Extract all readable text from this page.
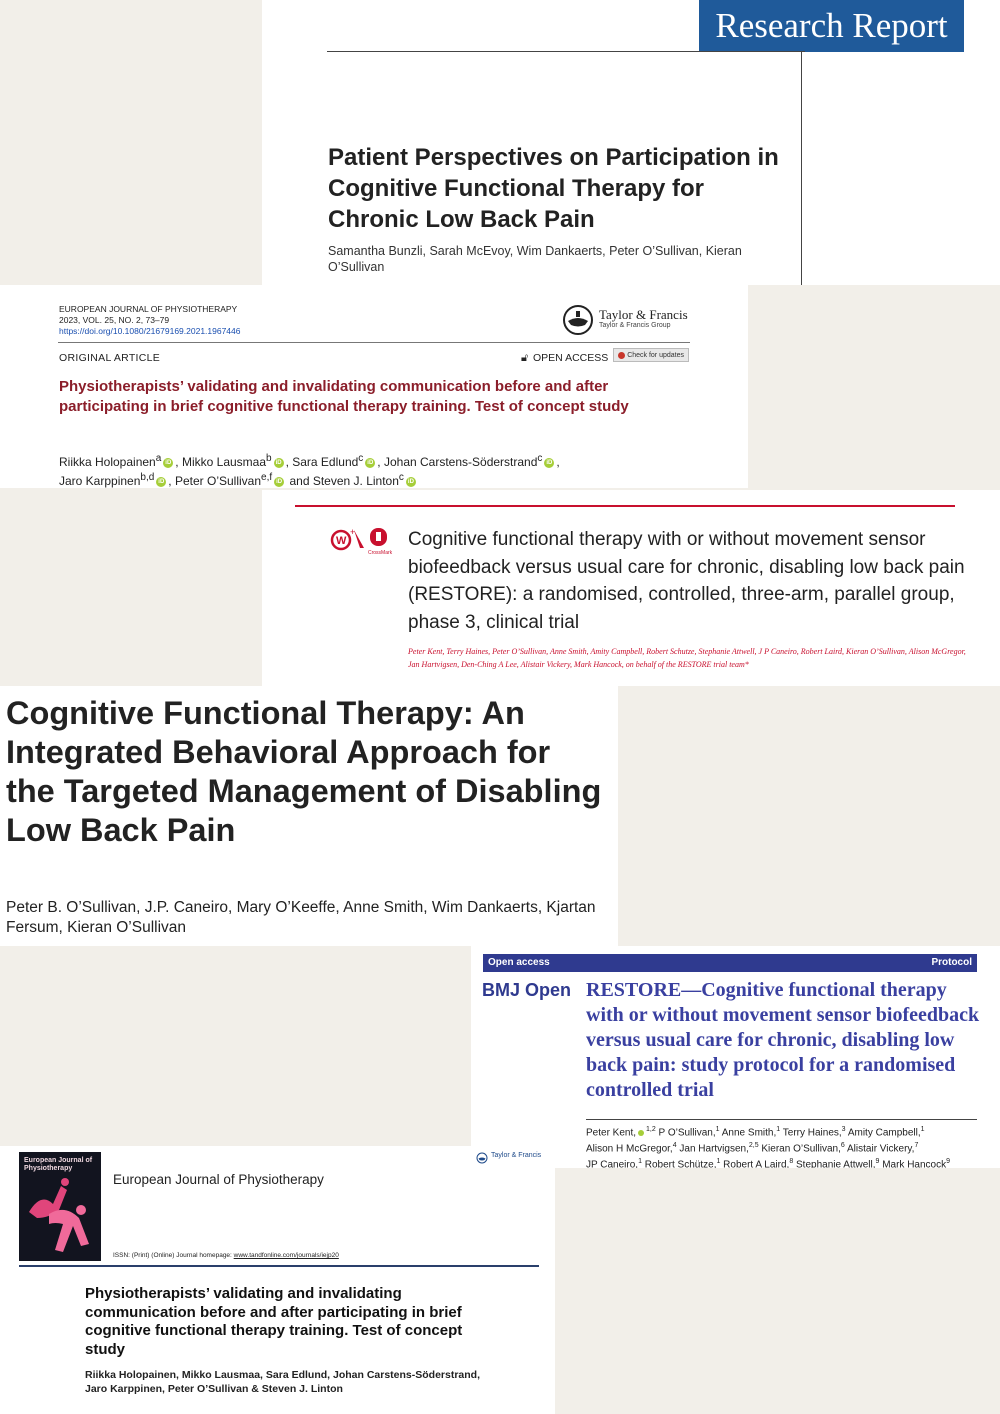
Research Report
Patient Perspectives on Participation in Cognitive Functional Therapy for Chronic Low Back Pain
Samantha Bunzli, Sarah McEvoy, Wim Dankaerts, Peter O’Sullivan, Kieran O’Sullivan
EUROPEAN JOURNAL OF PHYSIOTHERAPY
2023, VOL. 25, NO. 2, 73–79
https://doi.org/10.1080/21679169.2021.1967446
Taylor & Francis
Taylor & Francis Group
ORIGINAL ARTICLE	🔓︎ OPEN ACCESS	Check for updates
Physiotherapists’ validating and invalidating communication before and after participating in brief cognitive functional therapy training. Test of concept study
Riikka Holopainen$^a$ iD , Mikko Lausmaa$^b$ iD , Sara Edlund$^c$ iD , Johan Carstens-Söderstrand$^c$ iD ,
Jaro Karppinen$^{b,d}$ iD , Peter O’Sullivan$^{e,f}$ iD and Steven J. Linton$^c$ iD
W
+
CrossMark
Cognitive functional therapy with or without movement sensor biofeedback versus usual care for chronic, disabling low back pain (RESTORE): a randomised, controlled, three-arm, parallel group, phase 3, clinical trial
Peter Kent, Terry Haines, Peter O’Sullivan, Anne Smith, Amity Campbell, Robert Schutze, Stephanie Attwell, J P Caneiro, Robert Laird, Kieran O’Sullivan, Alison McGregor, Jan Hartvigsen, Den-Ching A Lee, Alistair Vickery, Mark Hancock, on behalf of the RESTORE trial team*
Cognitive Functional Therapy: An Integrated Behavioral Approach for the Targeted Management of Disabling Low Back Pain
Peter B. O’Sullivan, J.P. Caneiro, Mary O’Keeffe, Anne Smith, Wim Dankaerts, Kjartan Fersum, Kieran O’Sullivan
Open access	Protocol
BMJ Open RESTORE—Cognitive functional therapy with or without movement sensor biofeedback versus usual care for chronic, disabling low back pain: study protocol for a randomised controlled trial
Peter Kent, $^{1,2}$ P O’Sullivan,$^1$ Anne Smith,$^1$ Terry Haines,$^3$ Amity Campbell,$^1$
Alison H McGregor,$^4$ Jan Hartvigsen,$^{2,5}$ Kieran O’Sullivan,$^6$ Alistair Vickery,$^7$
JP Caneiro,$^1$ Robert Schütze,$^1$ Robert A Laird,$^8$ Stephanie Attwell,$^9$ Mark Hancock$^9$
European Journal of Physiotherapy
European Journal of Physiotherapy
Taylor & Francis
ISSN: (Print) (Online) Journal homepage: www.tandfonline.com/journals/iejp20
Physiotherapists’ validating and invalidating communication before and after participating in brief cognitive functional therapy training. Test of concept study
Riikka Holopainen, Mikko Lausmaa, Sara Edlund, Johan Carstens-Söderstrand, Jaro Karppinen, Peter O’Sullivan & Steven J. Linton
